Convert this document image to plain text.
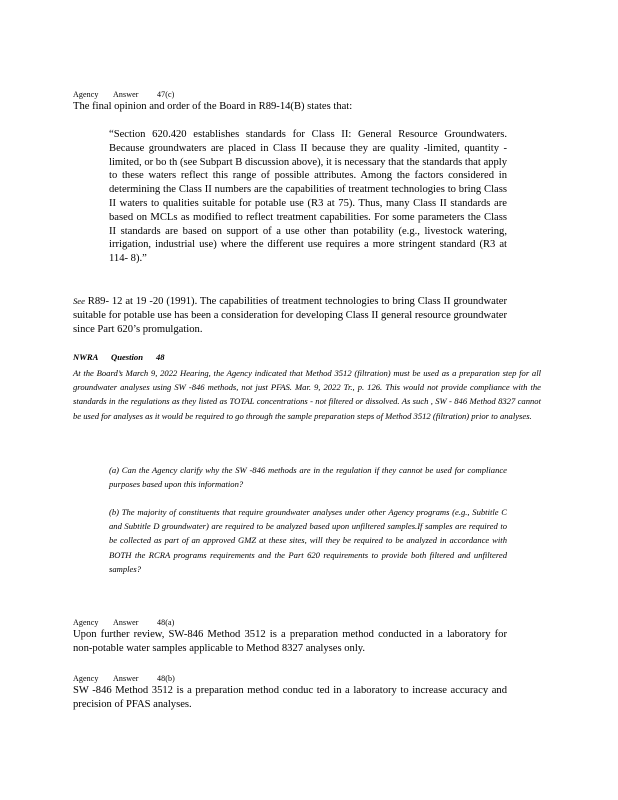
Agency Answer 47(c)

The final opinion and order of the Board in R89-14(B) states that:

“Section 620.420 establishes standards for Class II: General Resource Groundwaters. Because groundwaters are placed in Class II because they are quality -limited, quantity -limited, or bo th (see Subpart B discussion above), it is necessary that the standards that apply to these waters reflect this range of possible attributes. Among the factors considered in determining the Class II numbers are the capabilities of treatment technologies to bring Class II waters to qualities suitable for potable use (R3 at 75). Thus, many Class II standards are based on MCLs as modified to reflect treatment capabilities. For some parameters the Class II standards are based on support of a use other than potability (e.g., livestock watering, irrigation, industrial use) where the different use requires a more stringent standard (R3 at 114- 8).”

See R89- 12 at 19 -20 (1991). The capabilities of treatment technologies to bring Class II groundwater suitable for potable use has been a consideration for developing Class II general resource groundwater since Part 620’s promulgation.

NWRA Question 48

At the Board’s March 9, 2022 Hearing, the Agency indicated that Method 3512 (filtration) must be used as a preparation step for all groundwater analyses using SW -846 methods, not just PFAS. Mar. 9, 2022 Tr., p. 126. This would not provide compliance with the standards in the regulations as they listed as TOTAL concentrations - not filtered or dissolved. As such , SW - 846 Method 8327 cannot be used for analyses as it would be required to go through the sample preparation steps of Method 3512 (filtration) prior to analyses.

(a) Can the Agency clarify why the SW -846 methods are in the regulation if they cannot be used for compliance purposes based upon this information?

(b) The majority of constituents that require groundwater analyses under other Agency programs (e.g., Subtitle C and Subtitle D groundwater) are required to be analyzed based upon unfiltered samples.If samples are required to be collected as part of an approved GMZ at these sites, will they be required to be analyzed in accordance with BOTH the RCRA programs requirements and the Part 620 requirements to provide both filtered and unfiltered samples?

Agency Answer 48(a)

Upon further review, SW-846 Method 3512 is a preparation method conducted in a laboratory for non-potable water samples applicable to Method 8327 analyses only.

Agency Answer 48(b)

SW -846 Method 3512 is a preparation method conduc ted in a laboratory to increase accuracy and precision of PFAS analyses.
